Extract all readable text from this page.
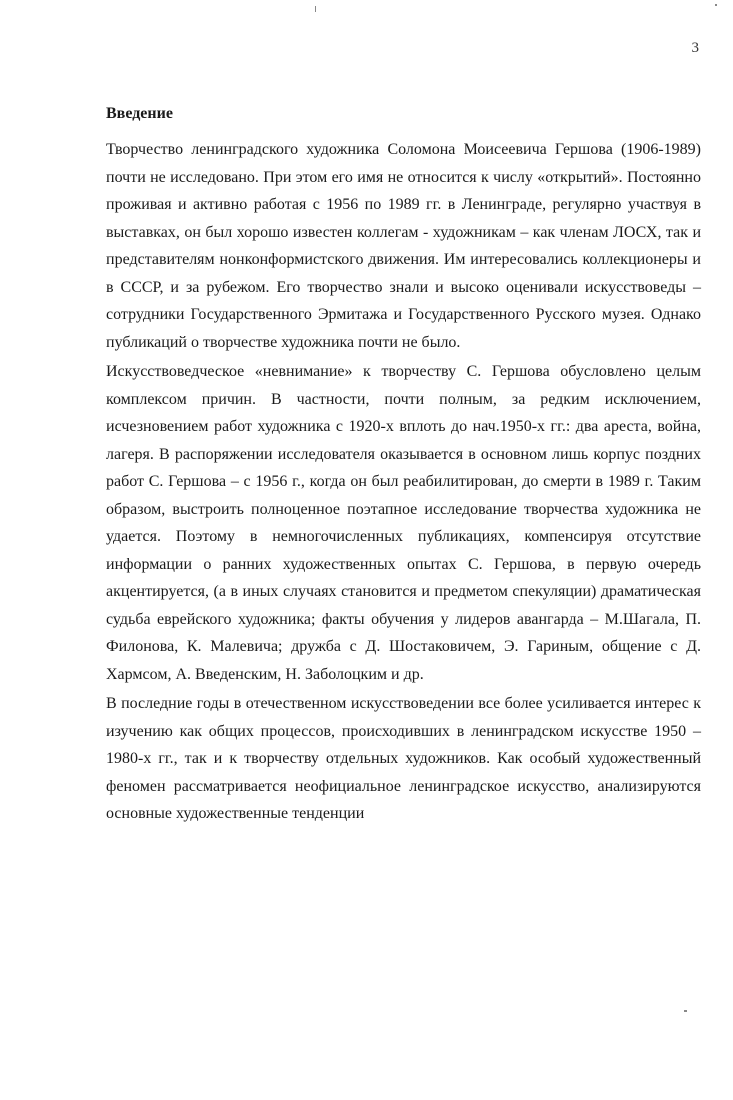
3
Введение

Творчество ленинградского художника Соломона Моисеевича Гершова (1906-1989) почти не исследовано. При этом его имя не относится к числу «открытий». Постоянно проживая и активно работая с 1956 по 1989 гг. в Ленинграде, регулярно участвуя в выставках, он был хорошо известен коллегам - художникам – как членам ЛОСХ, так и представителям нонконформистского движения. Им интересовались коллекционеры и в СССР, и за рубежом. Его творчество знали и высоко оценивали искусствоведы – сотрудники Государственного Эрмитажа и Государственного Русского музея. Однако публикаций о творчестве художника почти не было.

Искусствоведческое «невнимание» к творчеству С. Гершова обусловлено целым комплексом причин. В частности, почти полным, за редким исключением, исчезновением работ художника с 1920-х вплоть до нач.1950-х гг.: два ареста, война, лагеря. В распоряжении исследователя оказывается в основном лишь корпус поздних работ С. Гершова – с 1956 г., когда он был реабилитирован, до смерти в 1989 г. Таким образом, выстроить полноценное поэтапное исследование творчества художника не удается. Поэтому в немногочисленных публикациях, компенсируя отсутствие информации о ранних художественных опытах С. Гершова, в первую очередь акцентируется, (а в иных случаях становится и предметом спекуляции) драматическая судьба еврейского художника; факты обучения у лидеров авангарда – М.Шагала, П. Филонова, К. Малевича; дружба с Д. Шостаковичем, Э. Гариным, общение с Д. Хармсом, А. Введенским, Н. Заболоцким и др.

В последние годы в отечественном искусствоведении все более усиливается интерес к изучению как общих процессов, происходивших в ленинградском искусстве 1950 – 1980-х гг., так и к творчеству отдельных художников. Как особый художественный феномен рассматривается неофициальное ленинградское искусство, анализируются основные художественные тенденции
